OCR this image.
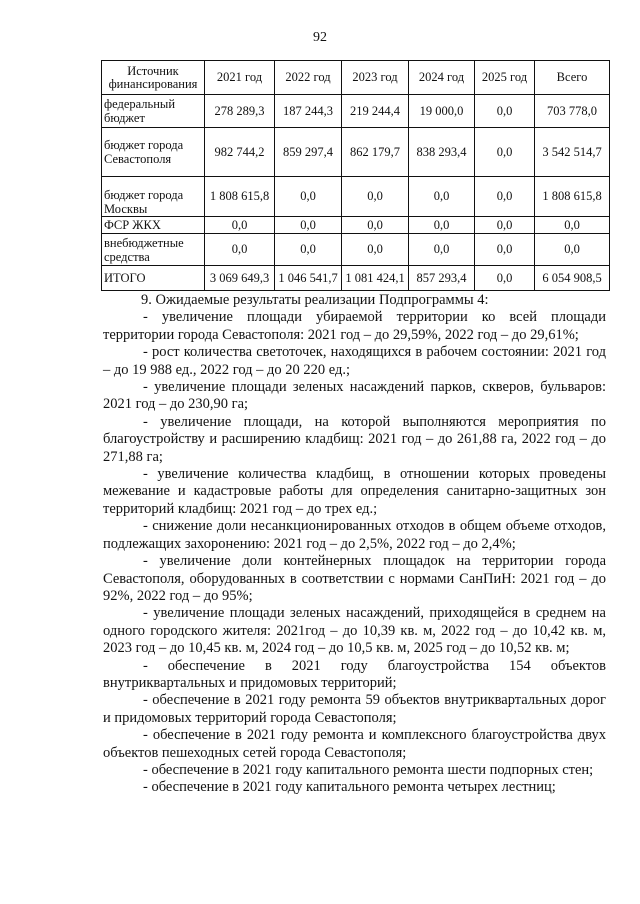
92
Источник финансирования	2021 год	2022 год	2023 год	2024 год	2025 год	Всего
федеральный бюджет	278 289,3	187 244,3	219 244,4	19 000,0	0,0	703 778,0
бюджет города Севастополя	982 744,2	859 297,4	862 179,7	838 293,4	0,0	3 542 514,7
бюджет города Москвы	1 808 615,8	0,0	0,0	0,0	0,0	1 808 615,8
ФСР ЖКХ	0,0	0,0	0,0	0,0	0,0	0,0
внебюджетные средства	0,0	0,0	0,0	0,0	0,0	0,0
ИТОГО	3 069 649,3	1 046 541,7	1 081 424,1	857 293,4	0,0	6 054 908,5

9. Ожидаемые результаты реализации Подпрограммы 4:

- увеличение площади убираемой территории ко всей площади территории города Севастополя: 2021 год – до 29,59%, 2022 год – до 29,61%;

- рост количества светоточек, находящихся в рабочем состоянии: 2021 год – до 19 988 ед., 2022 год – до 20 220 ед.;

- увеличение площади зеленых насаждений парков, скверов, бульваров: 2021 год – до 230,90 га;

- увеличение площади, на которой выполняются мероприятия по благоустройству и расширению кладбищ: 2021 год – до 261,88 га, 2022 год – до 271,88 га;

- увеличение количества кладбищ, в отношении которых проведены межевание и кадастровые работы для определения санитарно-защитных зон территорий кладбищ: 2021 год – до трех ед.;

- снижение доли несанкционированных отходов в общем объеме отходов, подлежащих захоронению: 2021 год – до 2,5%, 2022 год – до 2,4%;

- увеличение доли контейнерных площадок на территории города Севастополя, оборудованных в соответствии с нормами СанПиН: 2021 год – до 92%, 2022 год – до 95%;

- увеличение площади зеленых насаждений, приходящейся в среднем на одного городского жителя: 2021год – до 10,39 кв. м, 2022 год – до 10,42 кв. м, 2023 год – до 10,45 кв. м, 2024 год – до 10,5 кв. м, 2025 год – до 10,52 кв. м;

- обеспечение в 2021 году благоустройства 154 объектов внутриквартальных и придомовых территорий;

- обеспечение в 2021 году ремонта 59 объектов внутриквартальных дорог и придомовых территорий города Севастополя;

- обеспечение в 2021 году ремонта и комплексного благоустройства двух объектов пешеходных сетей города Севастополя;

- обеспечение в 2021 году капитального ремонта шести подпорных стен;

- обеспечение в 2021 году капитального ремонта четырех лестниц;
